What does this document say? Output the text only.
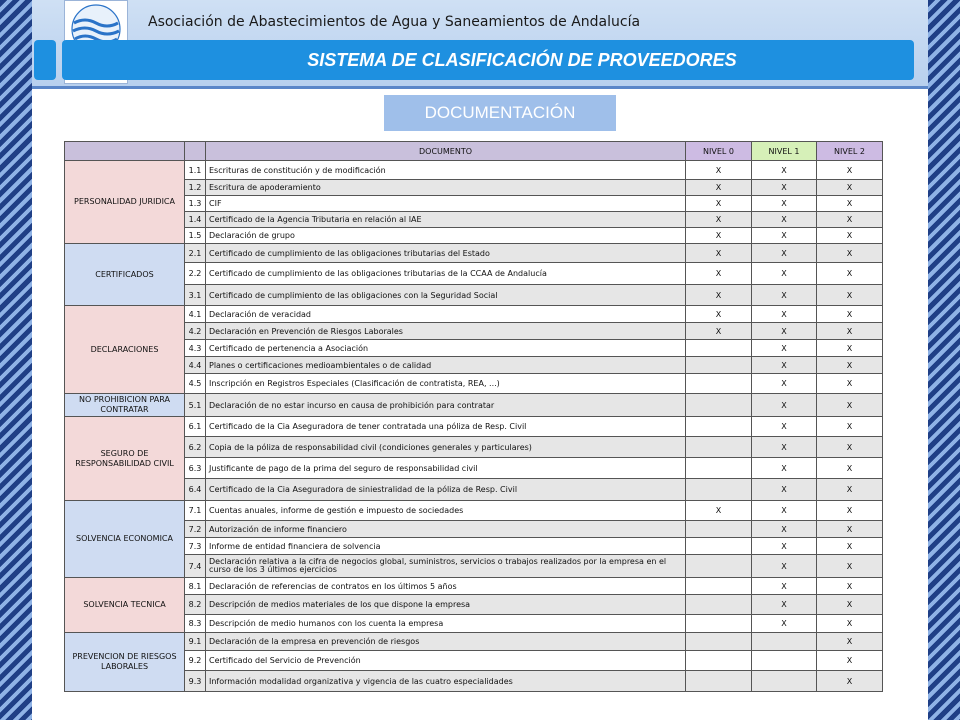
Asociación de Abastecimientos de Agua y Saneamientos de Andalucía
SISTEMA DE CLASIFICACIÓN DE PROVEEDORES
DOCUMENTACIÓN
		DOCUMENTO	NIVEL 0	NIVEL 1	NIVEL 2
PERSONALIDAD JURIDICA	1.1	Escrituras de constitución y de modificación	X	X	X
	1.2	Escritura de apoderamiento	X	X	X
	1.3	CIF	X	X	X
	1.4	Certificado de la Agencia Tributaria en relación al IAE	X	X	X
	1.5	Declaración de grupo	X	X	X
CERTIFICADOS	2.1	Certificado de cumplimiento de las obligaciones tributarias del Estado	X	X	X
	2.2	Certificado de cumplimiento de las obligaciones tributarias de la CCAA de Andalucía	X	X	X
	3.1	Certificado de cumplimiento de las obligaciones con la Seguridad Social	X	X	X
DECLARACIONES	4.1	Declaración de veracidad	X	X	X
	4.2	Declaración en Prevención de Riesgos Laborales	X	X	X
	4.3	Certificado de pertenencia a Asociación		X	X
	4.4	Planes o certificaciones medioambientales o de calidad		X	X
	4.5	Inscripción en Registros Especiales (Clasificación de contratista, REA, ...)		X	X
NO PROHIBICION PARA CONTRATAR	5.1	Declaración de no estar incurso en causa de prohibición para contratar		X	X
SEGURO DE RESPONSABILIDAD CIVIL	6.1	Certificado de la Cia Aseguradora de tener contratada una póliza de Resp. Civil		X	X
	6.2	Copia de la póliza de responsabilidad civil (condiciones generales y particulares)		X	X
	6.3	Justificante de pago de la prima del seguro de responsabilidad civil		X	X
	6.4	Certificado de la Cia Aseguradora de siniestralidad de la póliza de Resp. Civil		X	X
SOLVENCIA ECONOMICA	7.1	Cuentas anuales, informe de gestión e impuesto de sociedades	X	X	X
	7.2	Autorización de informe financiero		X	X
	7.3	Informe de entidad financiera de solvencia		X	X
	7.4	Declaración relativa a la cifra de negocios global, suministros, servicios o trabajos realizados por la empresa en el curso de los 3 últimos ejercicios		X	X
SOLVENCIA TECNICA	8.1	Declaración de referencias de contratos en los últimos 5 años		X	X
	8.2	Descripción de medios materiales de los que dispone la empresa		X	X
	8.3	Descripción de medio humanos con los cuenta la empresa		X	X
PREVENCION DE RIESGOS LABORALES	9.1	Declaración de la empresa en prevención de riesgos			X
	9.2	Certificado del Servicio de Prevención			X
	9.3	Información modalidad organizativa y vigencia de las cuatro especialidades			X
